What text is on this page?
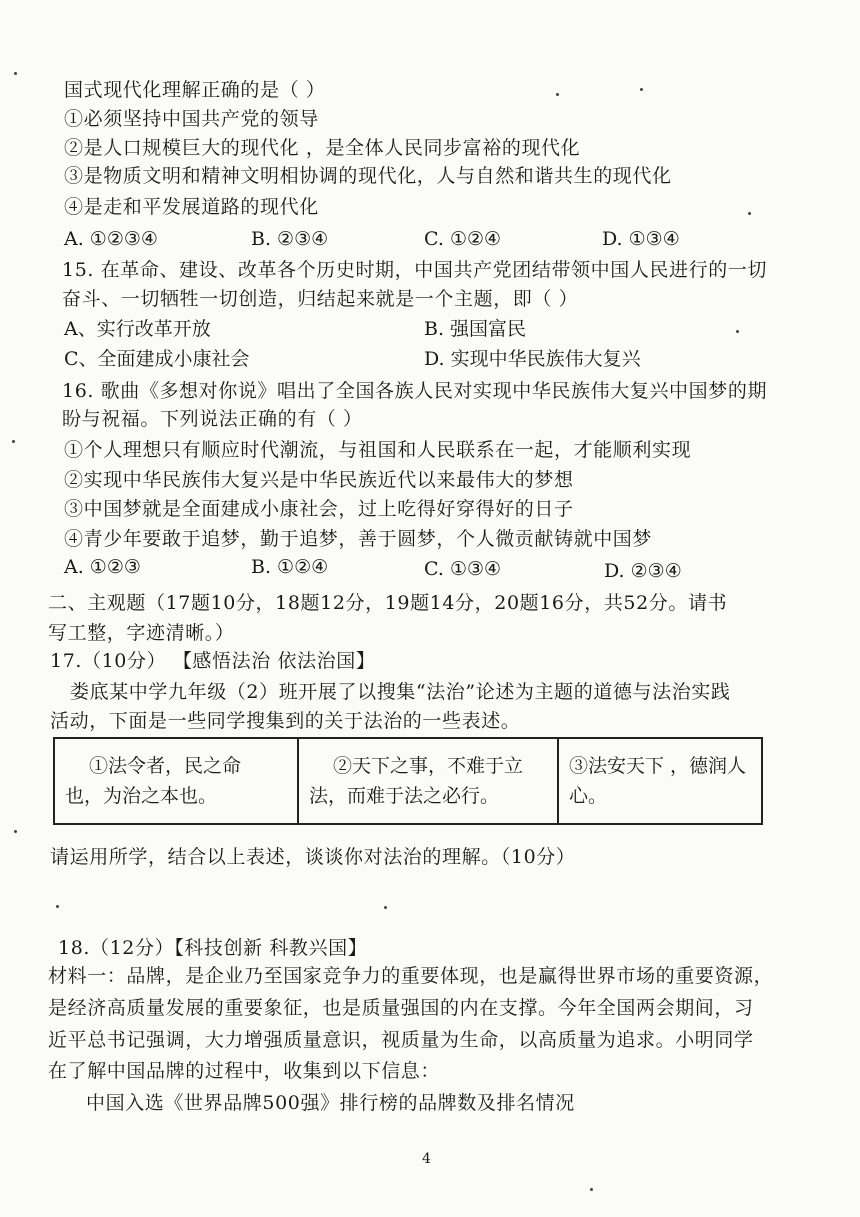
国式现代化理解正确的是（ ）
①必须坚持中国共产党的领导
②是人口规模巨大的现代化 ，是全体人民同步富裕的现代化
③是物质文明和精神文明相协调的现代化，人与自然和谐共生的现代化
④是走和平发展道路的现代化
A. ①②③④	B. ②③④	C. ①②④	D. ①③④
15. 在革命、建设、改革各个历史时期，中国共产党团结带领中国人民进行的一切
奋斗、一切牺牲一切创造，归结起来就是一个主题，即（ ）
A、实行改革开放	B. 强国富民
C、全面建成小康社会	D. 实现中华民族伟大复兴
16. 歌曲《多想对你说》唱出了全国各族人民对实现中华民族伟大复兴中国梦的期
盼与祝福。下列说法正确的有（ ）
①个人理想只有顺应时代潮流，与祖国和人民联系在一起，才能顺利实现
②实现中华民族伟大复兴是中华民族近代以来最伟大的梦想
③中国梦就是全面建成小康社会，过上吃得好穿得好的日子
④青少年要敢于追梦，勤于追梦，善于圆梦，个人微贡献铸就中国梦
A. ①②③	B. ①②④	C. ①③④	D. ②③④
二、主观题（17题10分，18题12分，19题14分，20题16分，共52分。请书
写工整，字迹清晰。）
17.（10分） 【感悟法治 依法治国】
娄底某中学九年级（2）班开展了以搜集“法治”论述为主题的道德与法治实践
活动，下面是一些同学搜集到的关于法治的一些表述。
①法令者，民之命
也，为治之本也。

②天下之事，不难于立
法，而难于法之必行。

③法安天下 ，德润人心。
请运用所学，结合以上表述，谈谈你对法治的理解。（10分）
18.（12分）【科技创新 科教兴国】
材料一：品牌，是企业乃至国家竞争力的重要体现，也是赢得世界市场的重要资源，
是经济高质量发展的重要象征，也是质量强国的内在支撑。今年全国两会期间，习
近平总书记强调，大力增强质量意识，视质量为生命，以高质量为追求。小明同学
在了解中国品牌的过程中，收集到以下信息：
中国入选《世界品牌500强》排行榜的品牌数及排名情况
4
